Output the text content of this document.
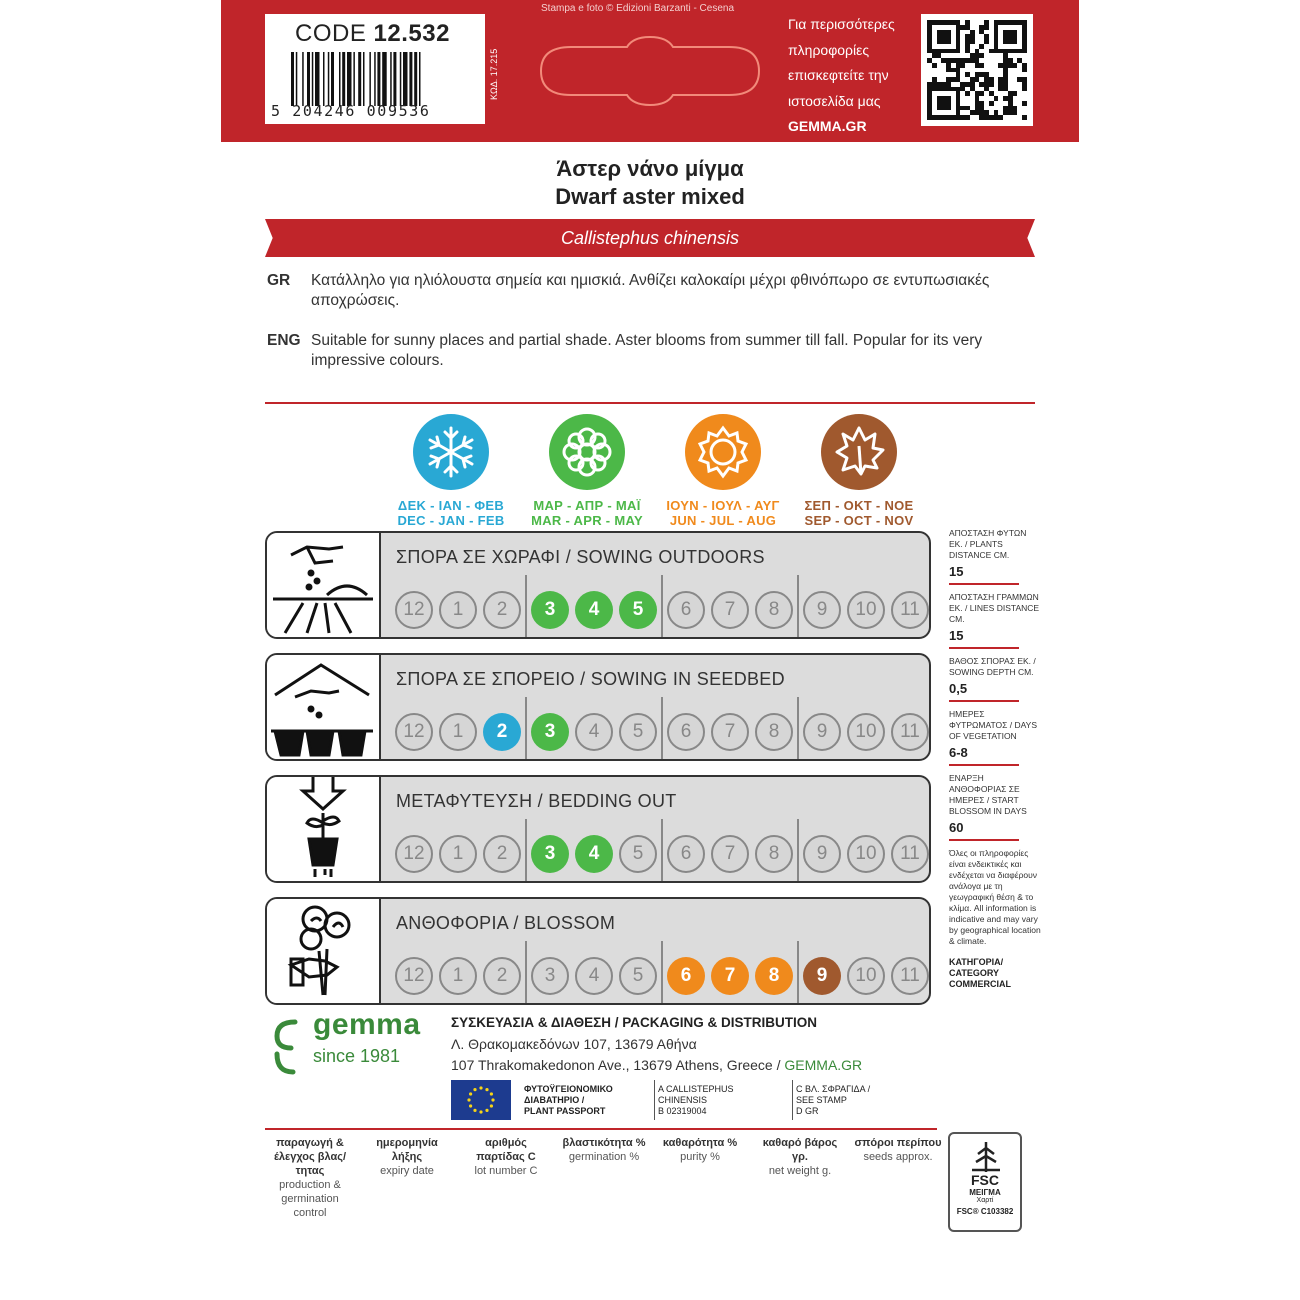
CODE 12.532
5 204246 009536
ΚΩΔ. 17.215
Stampa e foto © Edizioni Barzanti - Cesena
Για περισσότερες
πληροφορίες
επισκεφτείτε την
ιστοσελίδα μας
GEMMA.GR
Άστερ νάνο μίγμα
Dwarf aster mixed
Callistephus chinensis
GR Κατάλληλο για ηλιόλουστα σημεία και ημισκιά. Ανθίζει καλοκαίρι μέχρι φθινόπωρο σε εντυπωσιακές αποχρώσεις.
ENG Suitable for sunny places and partial shade. Aster blooms from summer till fall. Popular for its very impressive colours.
ΔΕΚ - ΙΑΝ - ΦΕΒ
DEC - JAN - FEB
ΜΑΡ - ΑΠΡ - ΜΑΪ
MAR - APR - MAY
ΙΟΥΝ - ΙΟΥΛ - ΑΥΓ
JUN - JUL - AUG
ΣΕΠ - ΟΚΤ - ΝΟΕ
SEP - OCT - NOV
ΣΠΟΡΑ ΣΕ ΧΩΡΑΦΙ / SOWING OUTDOORS
12	1	2	3	4	5	6	7	8	9	10	11
ΣΠΟΡΑ ΣΕ ΣΠΟΡΕΙΟ / SOWING IN SEEDBED
12	1	2	3	4	5	6	7	8	9	10	11
ΜΕΤΑΦΥΤΕΥΣΗ / BEDDING OUT
12	1	2	3	4	5	6	7	8	9	10	11
ΑΝΘΟΦΟΡΙΑ / BLOSSOM
12	1	2	3	4	5	6	7	8	9	10	11
ΑΠΟΣΤΑΣΗ ΦΥΤΩΝ ΕΚ. / PLANTS DISTANCE CM.
15
ΑΠΟΣΤΑΣΗ ΓΡΑΜΜΩΝ ΕΚ. / LINES DISTANCE CM.
15
ΒΑΘΟΣ ΣΠΟΡΑΣ ΕΚ. / SOWING DEPTH CM.
0,5
ΗΜΕΡΕΣ ΦΥΤΡΩΜΑΤΟΣ / DAYS OF VEGETATION
6-8
ΕΝΑΡΞΗ ΑΝΘΟΦΟΡΙΑΣ ΣΕ ΗΜΕΡΕΣ / START BLOSSOM IN DAYS
60
Όλες οι πληροφορίες είναι ενδεικτικές και ενδέχεται να διαφέρουν ανάλογα με τη γεωγραφική θέση & το κλίμα. All information is indicative and may vary by geographical location & climate.
ΚΑΤΗΓΟΡΙΑ/ CATEGORY COMMERCIAL
gemma
since 1981
ΣΥΣΚΕΥΑΣΙΑ & ΔΙΑΘΕΣΗ / PACKAGING & DISTRIBUTION
Λ. Θρακομακεδόνων 107, 13679 Αθήνα
107 Thrakomakedonon Ave., 13679 Athens, Greece / GEMMA.GR
ΦΥΤΟΫΓΕΙΟΝΟΜΙΚΟ
ΔΙΑΒΑΤΗΡΙΟ /
PLANT PASSPORT
A CALLISTEPHUS
CHINENSIS
B 02319004
C ΒΛ. ΣΦΡΑΓΙΔΑ /
SEE STAMP
D GR
παραγωγή & έλεγχος βλας/τητας
production & germination control
ημερομηνία λήξης
expiry date
αριθμός παρτίδας C
lot number C
βλαστικότητα %
germination %
καθαρότητα %
purity %
καθαρό βάρος γρ.
net weight g.
σπόροι περίπου
seeds approx.
FSC
ΜΕΙΓΜΑ
Χαρτί
FSC® C103382
